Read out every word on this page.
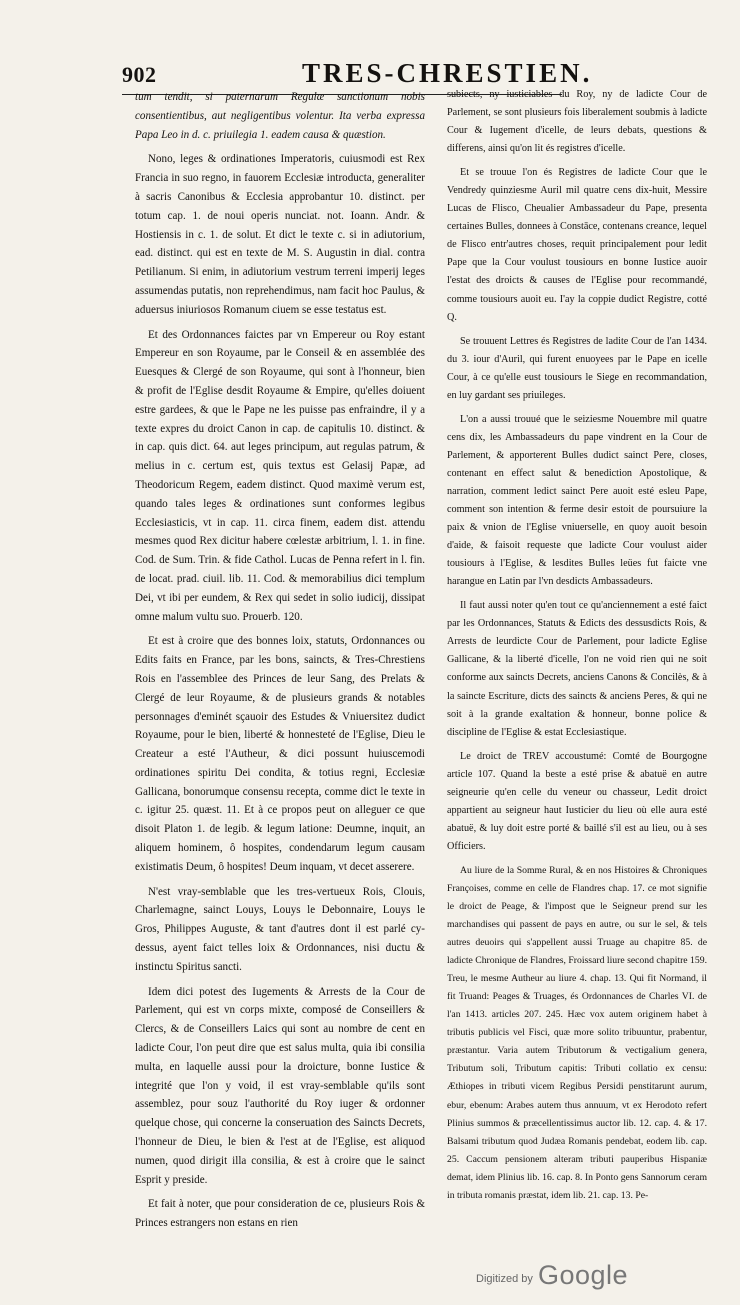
902	TRES-CHRESTIEN.

tum tendit, si paternarum Regulæ sanctionum nobis consentientibus, aut negligentibus volentur. Ita verba expressa Papa Leo in d. c. priuilegia 1. eadem causa & quæstion.

Nono, leges & ordinationes Imperatoris, cuiusmodi est Rex Francia in suo regno, in fauorem Ecclesiæ introducta, generaliter à sacris Canonibus & Ecclesia approbantur 10. distinct. per totum cap. 1. de noui operis nunciat. not. Ioann. Andr. & Hostiensis in c. 1. de solut. Et dict le texte c. si in adiutorium, ead. distinct. qui est en texte de M. S. Augustin in dial. contra Petilianum. Si enim, in adiutorium vestrum terreni imperij leges assumendas putatis, non reprehendimus, nam facit hoc Paulus, & aduersus iniuriosos Romanum ciuem se esse testatus est.

Et des Ordonnances faictes par vn Empereur ou Roy estant Empereur en son Royaume, par le Conseil & en assemblée des Euesques & Clergé de son Royaume, qui sont à l'honneur, bien & profit de l'Eglise desdit Royaume & Empire, qu'elles doiuent estre gardees, & que le Pape ne les puisse pas enfraindre, il y a texte expres du droict Canon in cap. de capitulis 10. distinct. & in cap. quis dict. 64. aut leges principum, aut regulas patrum, & melius in c. certum est, quis textus est Gelasij Papæ, ad Theodoricum Regem, eadem distinct. Quod maximè verum est, quando tales leges & ordinationes sunt conformes legibus Ecclesiasticis, vt in cap. 11. circa finem, eadem dist. attendu mesmes quod Rex dicitur habere cœlestæ arbitrium, l. 1. in fine. Cod. de Sum. Trin. & fide Cathol. Lucas de Penna refert in l. fin. de locat. prad. ciuil. lib. 11. Cod. & memorabilius dici templum Dei, vt ibi per eundem, & Rex qui sedet in solio iudicij, dissipat omne malum vultu suo. Prouerb. 120.

Et est à croire que des bonnes loix, statuts, Ordonnances ou Edits faits en France, par les bons, saincts, & Tres-Chrestiens Rois en l'assemblee des Princes de leur Sang, des Prelats & Clergé de leur Royaume, & de plusieurs grands & notables personnages d'eminét sçauoir des Estudes & Vniuersitez dudict Royaume, pour le bien, liberté & honnesteté de l'Eglise, Dieu le Createur a esté l'Autheur, & dici possunt huiuscemodi ordinationes spiritu Dei condita, & totius regni, Ecclesiæ Gallicana, bonorumque consensu recepta, comme dict le texte in c. igitur 25. quæst. 11. Et à ce propos peut on alleguer ce que disoit Platon 1. de legib. & legum latione: Deumne, inquit, an aliquem hominem, ô hospites, condendarum legum causam existimatis Deum, ô hospites! Deum inquam, vt decet asserere.

N'est vray-semblable que les tres-vertueux Rois, Clouis, Charlemagne, sainct Louys, Louys le Debonnaire, Louys le Gros, Philippes Auguste, & tant d'autres dont il est parlé cy-dessus, ayent faict telles loix & Ordonnances, nisi ductu & instinctu Spiritus sancti.

Idem dici potest des Iugements & Arrests de la Cour de Parlement, qui est vn corps mixte, composé de Conseillers & Clercs, & de Conseillers Laics qui sont au nombre de cent en ladicte Cour, l'on peut dire que est salus multa, quia ibi consilia multa, en laquelle aussi pour la droicture, bonne Iustice & integrité que l'on y void, il est vray-semblable qu'ils sont assemblez, pour souz l'authorité du Roy iuger & ordonner quelque chose, qui concerne la conseruation des Saincts Decrets, l'honneur de Dieu, le bien & l'est at de l'Eglise, est aliquod numen, quod dirigit illa consilia, & est à croire que le sainct Esprit y preside.

Et fait à noter, que pour consideration de ce, plusieurs Rois & Princes estrangers non estans en rien

subiects, ny iusticiables du Roy, ny de ladicte Cour de Parlement, se sont plusieurs fois liberalement soubmis à ladicte Cour & Iugement d'icelle, de leurs debats, questions & differens, ainsi qu'on lit és registres d'icelle.

Et se trouue l'on és Registres de ladicte Cour que le Vendredy quinziesme Auril mil quatre cens dix-huit, Messire Lucas de Flisco, Cheualier Ambassadeur du Pape, presenta certaines Bulles, donnees à Constāce, contenans creance, lequel de Flisco entr'autres choses, requit principalement pour ledit Pape que la Cour voulust tousiours en bonne Iustice auoir l'estat des droicts & causes de l'Eglise pour recommandé, comme tousiours auoit eu. I'ay la coppie dudict Registre, cotté Q.

Se trouuent Lettres és Registres de ladite Cour de l'an 1434. du 3. iour d'Auril, qui furent enuoyees par le Pape en icelle Cour, à ce qu'elle eust tousiours le Siege en recommandation, en luy gardant ses priuileges.

L'on a aussi trouué que le seiziesme Nouembre mil quatre cens dix, les Ambassadeurs du pape vindrent en la Cour de Parlement, & apporterent Bulles dudict sainct Pere, closes, contenant en effect salut & benediction Apostolique, & narration, comment ledict sainct Pere auoit esté esleu Pape, comment son intention & ferme desir estoit de poursuiure la paix & vnion de l'Eglise vniuerselle, en quoy auoit besoin d'aide, & faisoit requeste que ladicte Cour voulust aider tousiours à l'Eglise, & lesdites Bulles leües fut faicte vne harangue en Latin par l'vn desdicts Ambassadeurs.

Il faut aussi noter qu'en tout ce qu'anciennement a esté faict par les Ordonnances, Statuts & Edicts des dessusdicts Rois, & Arrests de leurdicte Cour de Parlement, pour ladicte Eglise Gallicane, & la liberté d'icelle, l'on ne void rien qui ne soit conforme aux saincts Decrets, anciens Canons & Concilès, & à la saincte Escriture, dicts des saincts & anciens Peres, & qui ne soit à la grande exaltation & honneur, bonne police & discipline de l'Eglise & estat Ecclesiastique.

Le droict de TREV accoustumé: Comté de Bourgogne article 107. Quand la beste a esté prise & abatuë en autre seigneurie qu'en celle du veneur ou chasseur, Ledit droict appartient au seigneur haut Iusticier du lieu où elle aura esté abatuë, & luy doit estre porté & baillé s'il est au lieu, ou à ses Officiers.

Au liure de la Somme Rural, & en nos Histoires & Chroniques Françoises, comme en celle de Flandres chap. 17. ce mot signifie le droict de Peage, & l'impost que le Seigneur prend sur les marchandises qui passent de pays en autre, ou sur le sel, & tels autres deuoirs qui s'appellent aussi Truage au chapitre 85. de ladicte Chronique de Flandres, Froissard liure second chapitre 159. Treu, le mesme Autheur au liure 4. chap. 13. Qui fit Normand, il fit Truand: Peages & Truages, és Ordonnances de Charles VI. de l'an 1413. articles 207. 245. Hæc vox autem originem habet à tributis publicis vel Fisci, quæ more solito tribuuntur, prabentur, præstantur. Varia autem Tributorum & vectigalium genera, Tributum soli, Tributum capitis: Tributi collatio ex censu: Æthiopes in tributi vicem Regibus Persidi penstitarunt aurum, ebur, ebenum: Arabes autem thus annuum, vt ex Herodoto refert Plinius summos & præcellentissimus auctor lib. 12. cap. 4. & 17. Balsami tributum quod Judæa Romanis pendebat, eodem lib. cap. 25. Caccum pensionem alteram tributi pauperibus Hispaniæ demat, idem Plinius lib. 16. cap. 8. In Ponto gens Sannorum ceram in tributa romanis præstat, idem lib. 21. cap. 13. Pe-

Digitized by Google
